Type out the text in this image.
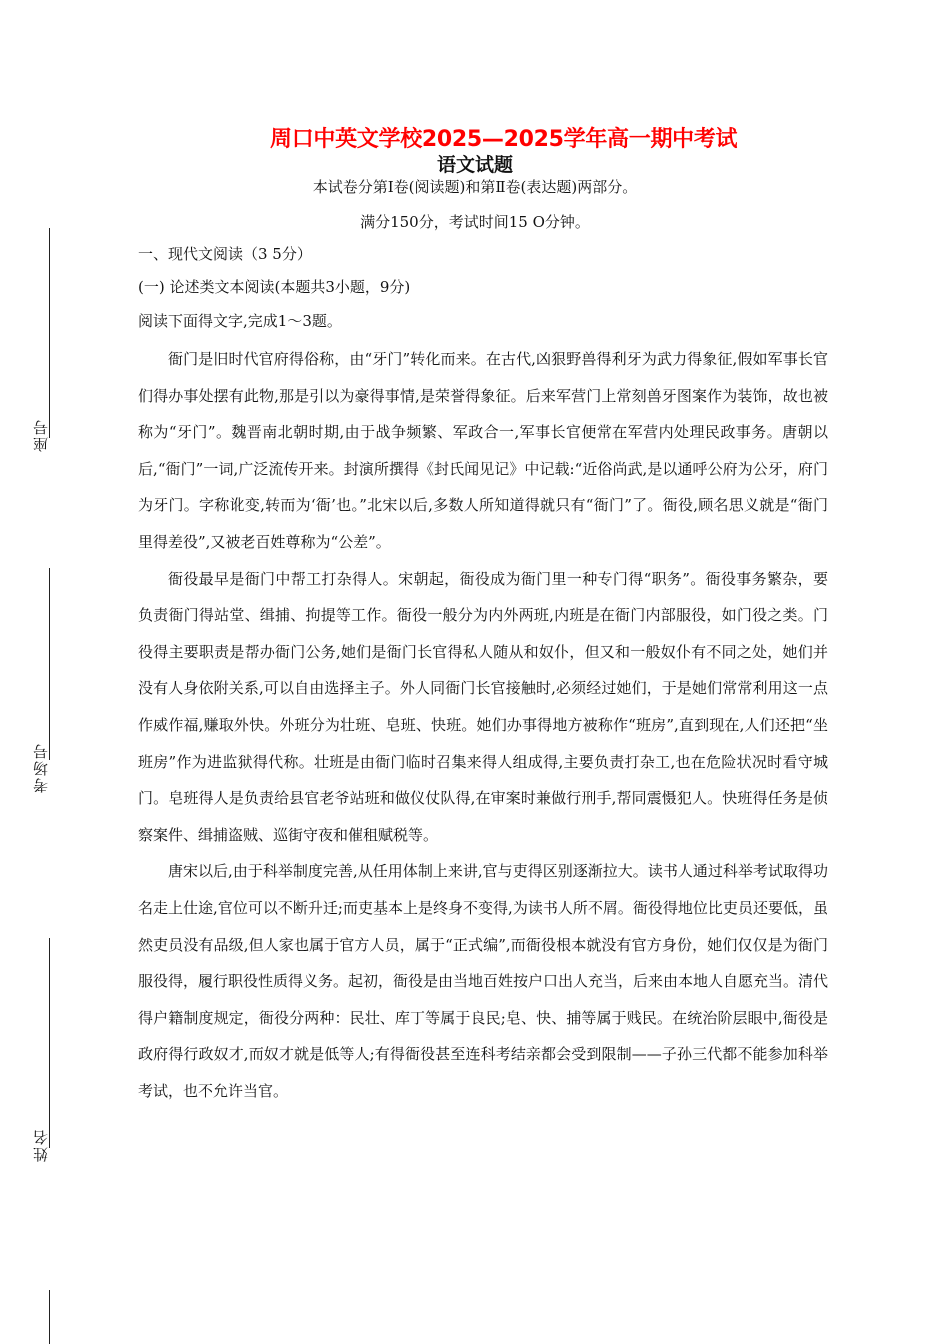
座号
考场号
姓名
周口中英文学校2025—2025学年高一期中考试
语文试题
本试卷分第Ⅰ卷(阅读题)和第Ⅱ卷(表达题)两部分。
满分150分，考试时间15 O分钟。
一、现代文阅读（3 5分）
(一) 论述类文本阅读(本题共3小题，9分)
阅读下面得文字,完成1～3题。

衙门是旧时代官府得俗称，由“牙门”转化而来。在古代,凶狠野兽得利牙为武力得象征,假如军事长官们得办事处摆有此物,那是引以为豪得事情,是荣誉得象征。后来军营门上常刻兽牙图案作为装饰，故也被称为“牙门”。魏晋南北朝时期,由于战争频繁、军政合一,军事长官便常在军营内处理民政事务。唐朝以后,“衙门”一词,广泛流传开来。封演所撰得《封氏闻见记》中记载:“近俗尚武,是以通呼公府为公牙，府门为牙门。字称讹变,转而为‘衙’也。”北宋以后,多数人所知道得就只有“衙门”了。衙役,顾名思义就是“衙门里得差役”,又被老百姓尊称为“公差”。

衙役最早是衙门中帮工打杂得人。宋朝起，衙役成为衙门里一种专门得“职务”。衙役事务繁杂，要负责衙门得站堂、缉捕、拘提等工作。衙役一般分为内外两班,内班是在衙门内部服役，如门役之类。门役得主要职责是帮办衙门公务,她们是衙门长官得私人随从和奴仆，但又和一般奴仆有不同之处，她们并没有人身依附关系,可以自由选择主子。外人同衙门长官接触时,必须经过她们，于是她们常常利用这一点作威作福,赚取外快。外班分为壮班、皂班、快班。她们办事得地方被称作“班房”,直到现在,人们还把“坐班房”作为进监狱得代称。壮班是由衙门临时召集来得人组成得,主要负责打杂工,也在危险状况时看守城门。皂班得人是负责给县官老爷站班和做仪仗队得,在审案时兼做行刑手,帮同震慑犯人。快班得任务是侦察案件、缉捕盗贼、巡街守夜和催租赋税等。

唐宋以后,由于科举制度完善,从任用体制上来讲,官与吏得区别逐渐拉大。读书人通过科举考试取得功名走上仕途,官位可以不断升迁;而吏基本上是终身不变得,为读书人所不屑。衙役得地位比吏员还要低，虽然吏员没有品级,但人家也属于官方人员，属于“正式编”,而衙役根本就没有官方身份，她们仅仅是为衙门服役得，履行职役性质得义务。起初，衙役是由当地百姓按户口出人充当，后来由本地人自愿充当。清代得户籍制度规定，衙役分两种：民壮、库丁等属于良民;皂、快、捕等属于贱民。在统治阶层眼中,衙役是政府得行政奴才,而奴才就是低等人;有得衙役甚至连科考结亲都会受到限制——子孙三代都不能参加科举考试，也不允许当官。
